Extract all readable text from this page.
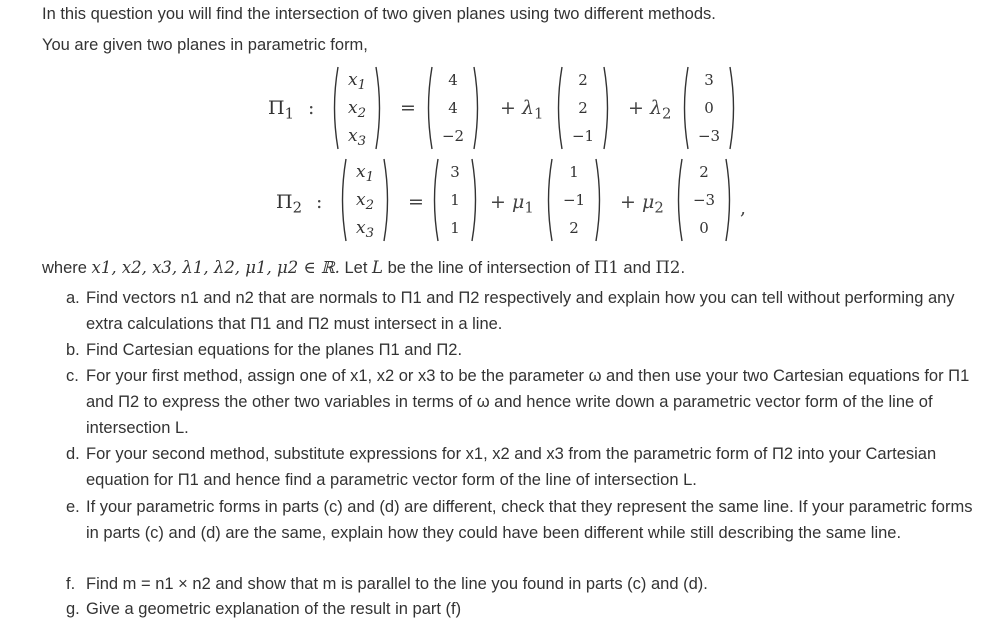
In this question you will find the intersection of two given planes using two different methods.
You are given two planes in parametric form,
$\Pi_1$ :
$x_1$
$x_2$
$x_3$
=
4
4
−2
+ $\lambda_1$
2
2
−1
+ $\lambda_2$
3
0
−3
$\Pi_2$ :
$x_1$
$x_2$
$x_3$
=
3
1
1
+ $\mu_1$
1
−1
2
+ $\mu_2$
2
−3
0
,
where x1, x2, x3, λ1, λ2, μ1, μ2 ∈ ℝ. Let L be the line of intersection of Π1 and Π2.
a. Find vectors n1 and n2 that are normals to Π1 and Π2 respectively and explain how you can tell without performing any extra calculations that Π1 and Π2 must intersect in a line.
b. Find Cartesian equations for the planes Π1 and Π2.
c. For your first method, assign one of x1, x2 or x3 to be the parameter ω and then use your two Cartesian equations for Π1 and Π2 to express the other two variables in terms of ω and hence write down a parametric vector form of the line of intersection L.
d. For your second method, substitute expressions for x1, x2 and x3 from the parametric form of Π2 into your Cartesian equation for Π1 and hence find a parametric vector form of the line of intersection L.
e. If your parametric forms in parts (c) and (d) are different, check that they represent the same line. If your parametric forms in parts (c) and (d) are the same, explain how they could have been different while still describing the same line.
f. Find m = n1 × n2 and show that m is parallel to the line you found in parts (c) and (d).
g. Give a geometric explanation of the result in part (f)
